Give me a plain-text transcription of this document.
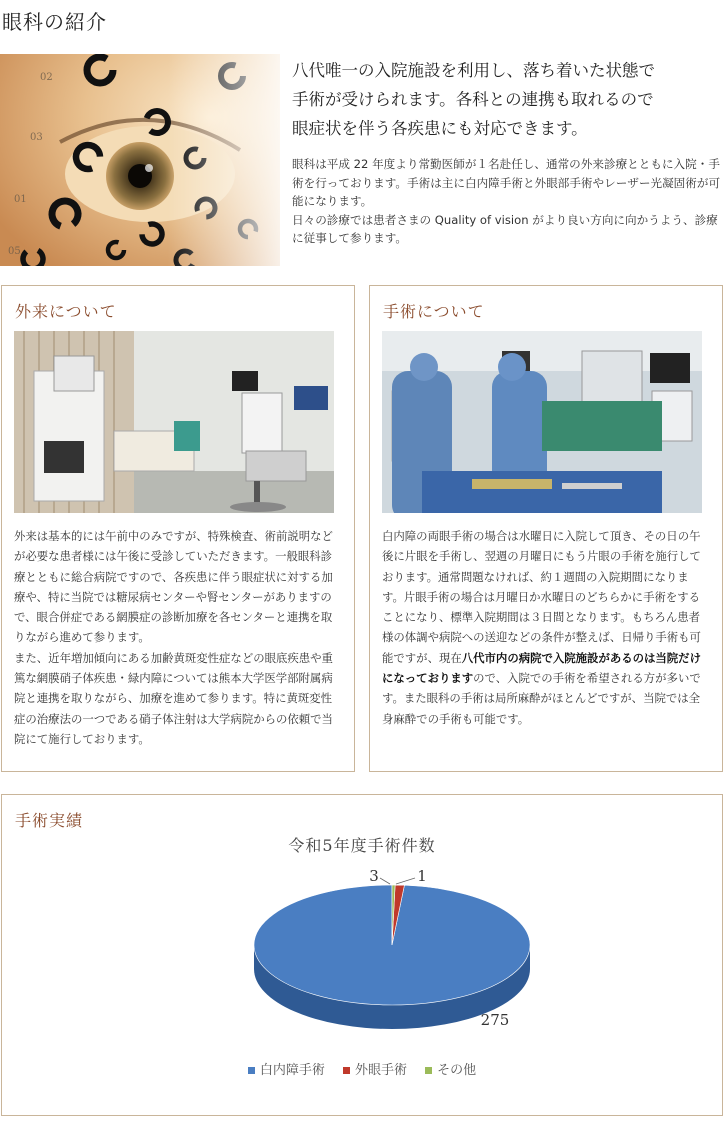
眼科の紹介
八代唯一の入院施設を利用し、落ち着いた状態で
手術が受けられます。各科との連携も取れるので
眼症状を伴う各疾患にも対応できます。
眼科は平成 22 年度より常勤医師が１名赴任し、通常の外来診療とともに入院・手術を行っております。手術は主に白内障手術と外眼部手術やレーザー光凝固術が可能になります。
日々の診療では患者さまの Quality of vision がより良い方向に向かうよう、診療に従事して参ります。
外来について

外来は基本的には午前中のみですが、特殊検査、術前説明などが必要な患者様には午後に受診していただきます。一般眼科診療とともに総合病院ですので、各疾患に伴う眼症状に対する加療や、特に当院では糖尿病センターや腎センターがありますので、眼合併症である網膜症の診断加療を各センターと連携を取りながら進めて参ります。

また、近年増加傾向にある加齢黄斑変性症などの眼底疾患や重篤な網膜硝子体疾患・緑内障については熊本大学医学部附属病院と連携を取りながら、加療を進めて参ります。特に黄斑変性症の治療法の一つである硝子体注射は大学病院からの依頼で当院にて施行しております。

手術について

白内障の両眼手術の場合は水曜日に入院して頂き、その日の午後に片眼を手術し、翌週の月曜日にもう片眼の手術を施行しております。通常問題なければ、約１週間の入院期間になります。片眼手術の場合は月曜日か水曜日のどちらかに手術をすることになり、標準入院期間は３日間となります。もちろん患者様の体調や病院への送迎などの条件が整えば、日帰り手術も可能ですが、現在八代市内の病院で入院施設があるのは当院だけになっておりますので、入院での手術を希望される方が多いです。また眼科の手術は局所麻酔がほとんどですが、当院では全身麻酔での手術も可能です。

手術実績
令和5年度手術件数
275
3	1
白内障手術 外眼手術 その他
